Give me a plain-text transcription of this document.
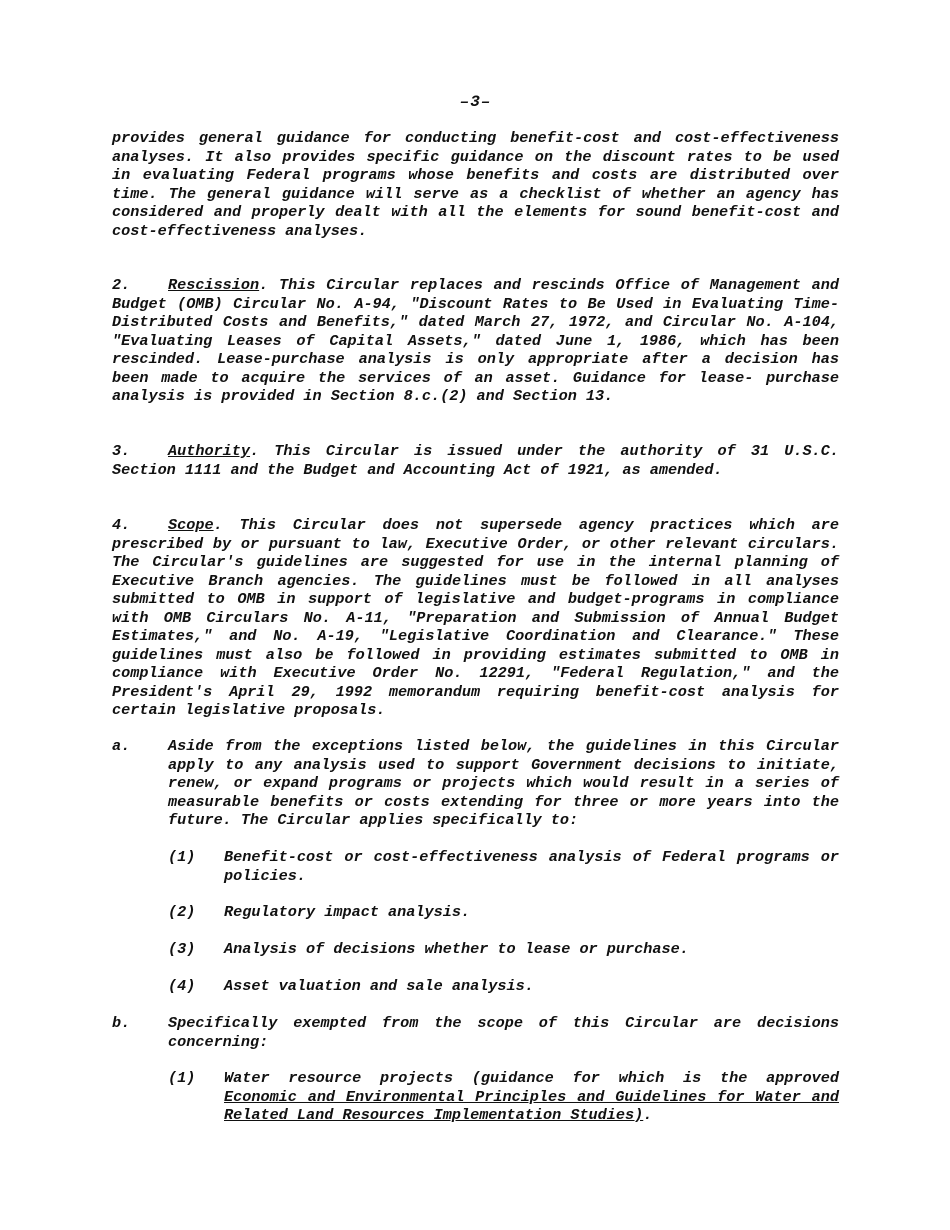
–3–

provides general guidance for conducting benefit-cost and cost-effectiveness analyses. It also provides specific guidance on the discount rates to be used in evaluating Federal programs whose benefits and costs are distributed over time. The general guidance will serve as a checklist of whether an agency has considered and properly dealt with all the elements for sound benefit-cost and cost-effectiveness analyses.

2. Rescission. This Circular replaces and rescinds Office of Management and Budget (OMB) Circular No. A-94, "Discount Rates to Be Used in Evaluating Time-Distributed Costs and Benefits," dated March 27, 1972, and Circular No. A-104, "Evaluating Leases of Capital Assets," dated June 1, 1986, which has been rescinded. Lease-purchase analysis is only appropriate after a decision has been made to acquire the services of an asset. Guidance for lease- purchase analysis is provided in Section 8.c.(2) and Section 13.

3. Authority. This Circular is issued under the authority of 31 U.S.C. Section 1111 and the Budget and Accounting Act of 1921, as amended.

4. Scope. This Circular does not supersede agency practices which are prescribed by or pursuant to law, Executive Order, or other relevant circulars. The Circular's guidelines are suggested for use in the internal planning of Executive Branch agencies. The guidelines must be followed in all analyses submitted to OMB in support of legislative and budget-programs in compliance with OMB Circulars No. A-11, "Preparation and Submission of Annual Budget Estimates," and No. A-19, "Legislative Coordination and Clearance." These guidelines must also be followed in providing estimates submitted to OMB in compliance with Executive Order No. 12291, "Federal Regulation," and the President's April 29, 1992 memorandum requiring benefit-cost analysis for certain legislative proposals.

a. Aside from the exceptions listed below, the guidelines in this Circular apply to any analysis used to support Government decisions to initiate, renew, or expand programs or projects which would result in a series of measurable benefits or costs extending for three or more years into the future. The Circular applies specifically to:
(1) Benefit-cost or cost-effectiveness analysis of Federal programs or policies.
(2) Regulatory impact analysis.
(3) Analysis of decisions whether to lease or purchase.
(4) Asset valuation and sale analysis.
b. Specifically exempted from the scope of this Circular are decisions concerning:
(1) Water resource projects (guidance for which is the approved Economic and Environmental Principles and Guidelines for Water and Related Land Resources Implementation Studies).
